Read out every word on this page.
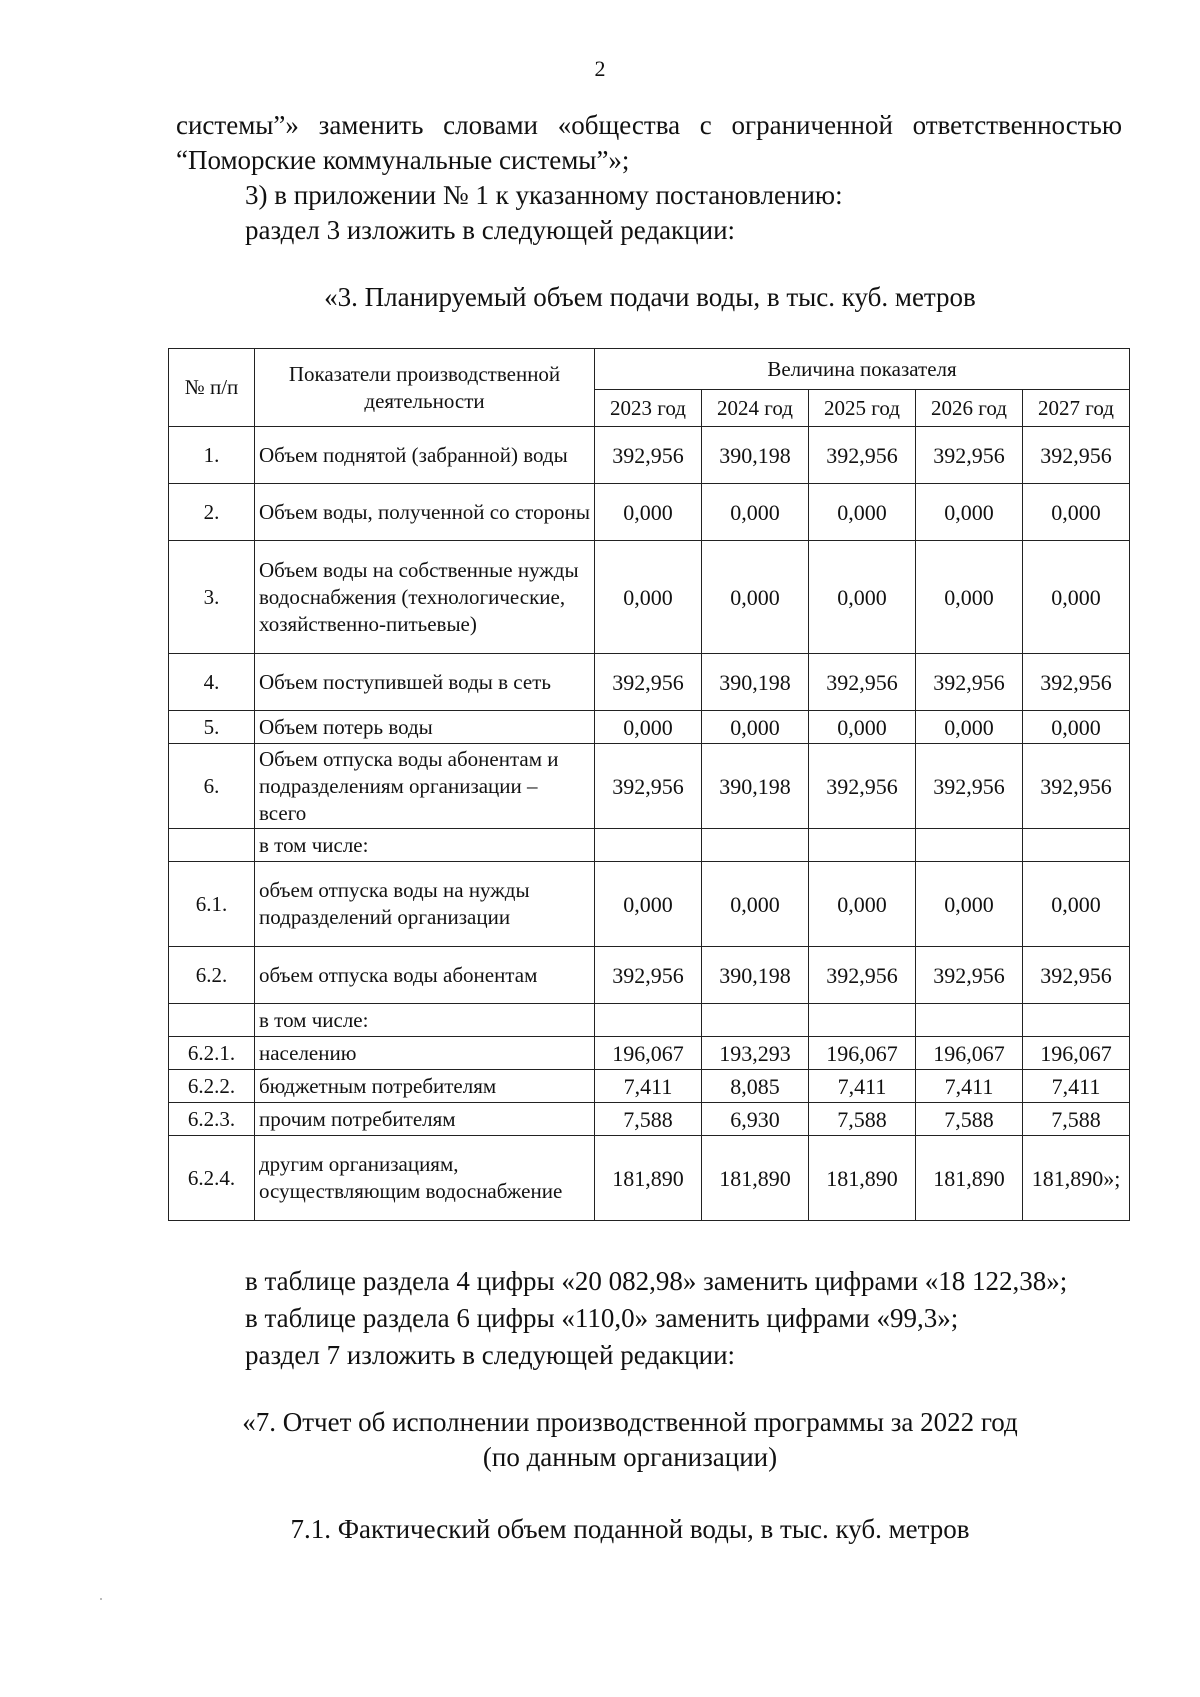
2

системы”» заменить словами «общества с ограниченной ответственностью

“Поморские коммунальные системы”»;

3) в приложении № 1 к указанному постановлению:

раздел 3 изложить в следующей редакции:

«3. Планируемый объем подачи воды, в тыс. куб. метров

№ п/п	Показатели производственной деятельности	Величина показателя				
		2023 год	2024 год	2025 год	2026 год	2027 год
1.	Объем поднятой (забранной) воды	392,956	390,198	392,956	392,956	392,956
2.	Объем воды, полученной со стороны	0,000	0,000	0,000	0,000	0,000
3.	Объем воды на собственные нужды водоснабжения (технологические, хозяйственно-питьевые)	0,000	0,000	0,000	0,000	0,000
4.	Объем поступившей воды в сеть	392,956	390,198	392,956	392,956	392,956
5.	Объем потерь воды	0,000	0,000	0,000	0,000	0,000
6.	Объем отпуска воды абонентам и подразделениям организации – всего	392,956	390,198	392,956	392,956	392,956
	в том числе:					
6.1.	объем отпуска воды на нужды подразделений организации	0,000	0,000	0,000	0,000	0,000
6.2.	объем отпуска воды абонентам	392,956	390,198	392,956	392,956	392,956
	в том числе:					
6.2.1.	населению	196,067	193,293	196,067	196,067	196,067
6.2.2.	бюджетным потребителям	7,411	8,085	7,411	7,411	7,411
6.2.3.	прочим потребителям	7,588	6,930	7,588	7,588	7,588
6.2.4.	другим организациям, осуществляющим водоснабжение	181,890	181,890	181,890	181,890	181,890»;

в таблице раздела 4 цифры «20 082,98» заменить цифрами «18 122,38»;

в таблице раздела 6 цифры «110,0» заменить цифрами «99,3»;

раздел 7 изложить в следующей редакции:

«7. Отчет об исполнении производственной программы за 2022 год

(по данным организации)

7.1. Фактический объем поданной воды, в тыс. куб. метров
